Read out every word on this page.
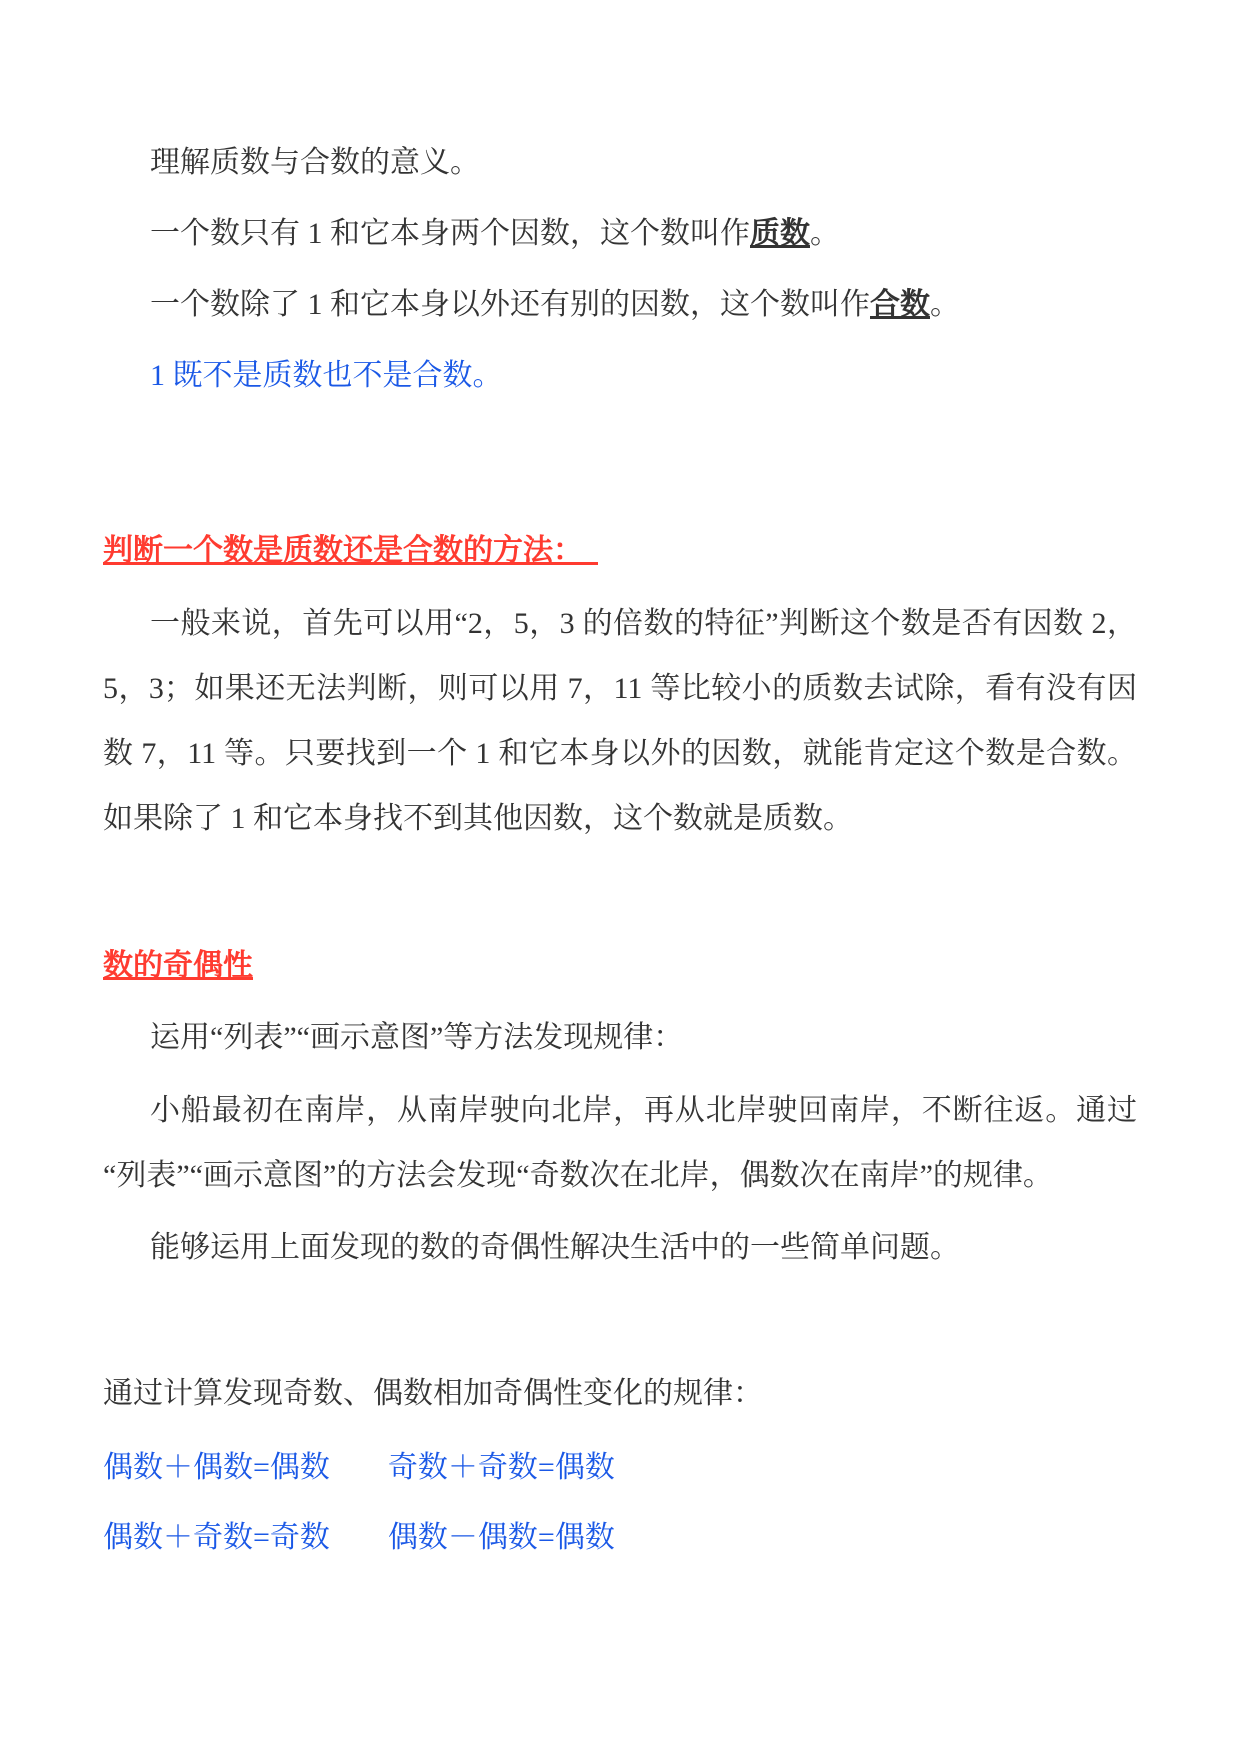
理解质数与合数的意义。

一个数只有 1 和它本身两个因数，这个数叫作质数。

一个数除了 1 和它本身以外还有别的因数，这个数叫作合数。

1 既不是质数也不是合数。

判断一个数是质数还是合数的方法：　

一般来说，首先可以用“2，5，3 的倍数的特征”判断这个数是否有因数 2，5，3；如果还无法判断，则可以用 7，11 等比较小的质数去试除，看有没有因数 7，11 等。只要找到一个 1 和它本身以外的因数，就能肯定这个数是合数。如果除了 1 和它本身找不到其他因数，这个数就是质数。

数的奇偶性

运用“列表”“画示意图”等方法发现规律：

小船最初在南岸，从南岸驶向北岸，再从北岸驶回南岸，不断往返。通过“列表”“画示意图”的方法会发现“奇数次在北岸，偶数次在南岸”的规律。

能够运用上面发现的数的奇偶性解决生活中的一些简单问题。

通过计算发现奇数、偶数相加奇偶性变化的规律：

偶数＋偶数=偶数 奇数＋奇数=偶数

偶数＋奇数=奇数 偶数－偶数=偶数
